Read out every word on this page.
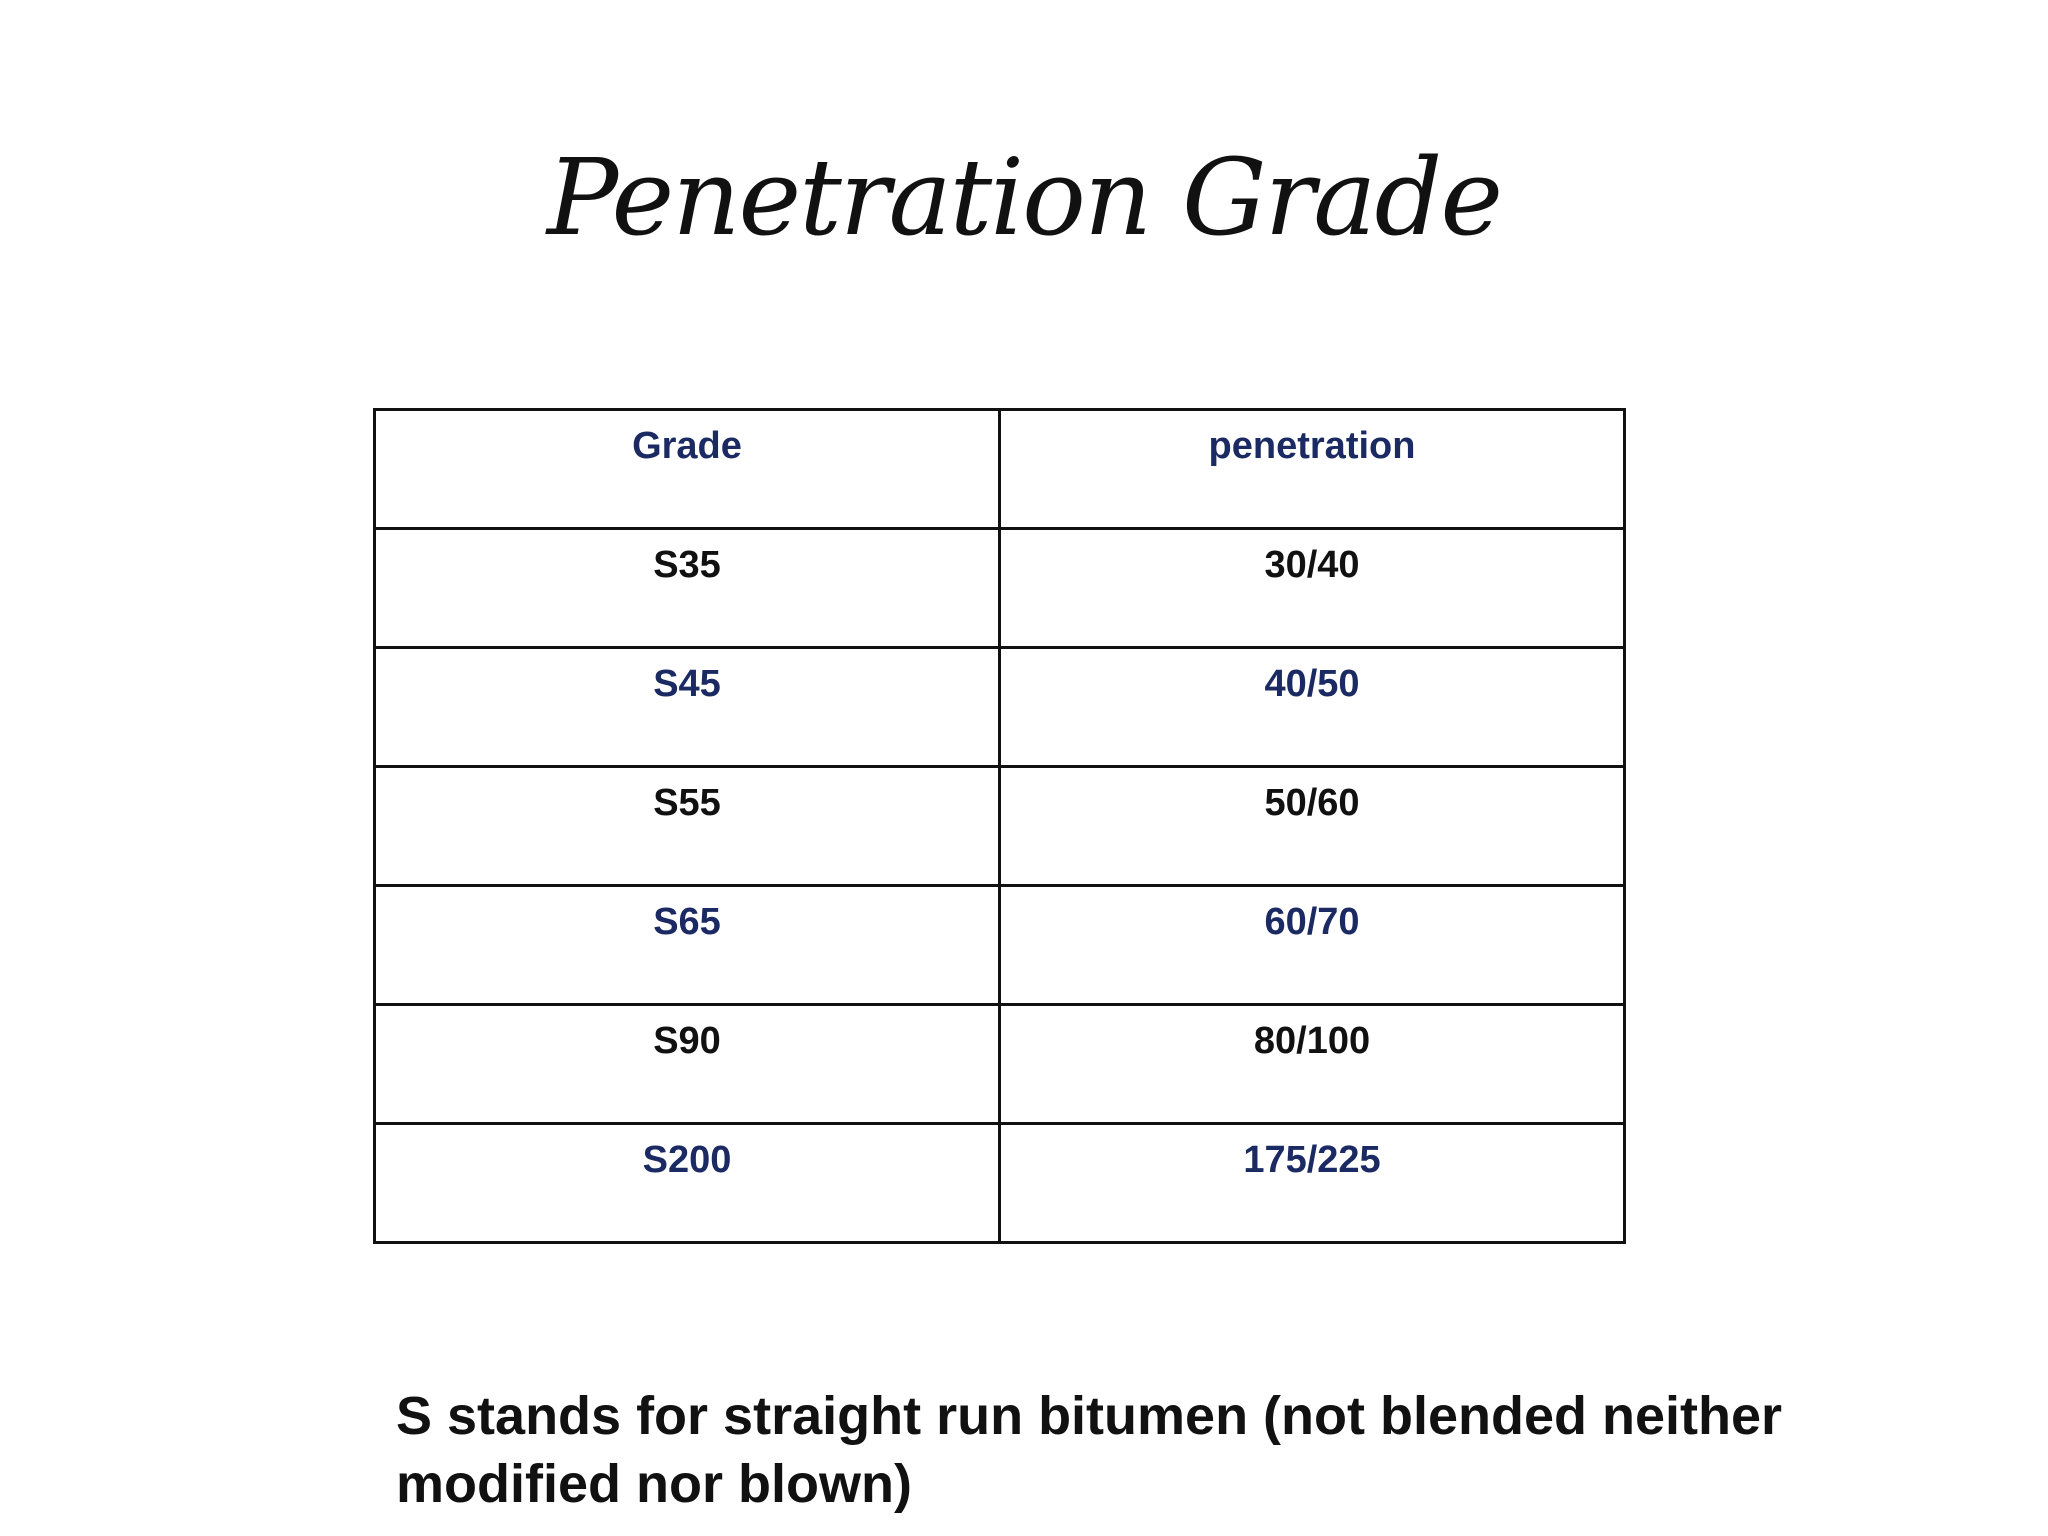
Penetration Grade
Grade	penetration
S35	30/40
S45	40/50
S55	50/60
S65	60/70
S90	80/100
S200	175/225
S stands for straight run bitumen (not blended neither modified nor blown)
